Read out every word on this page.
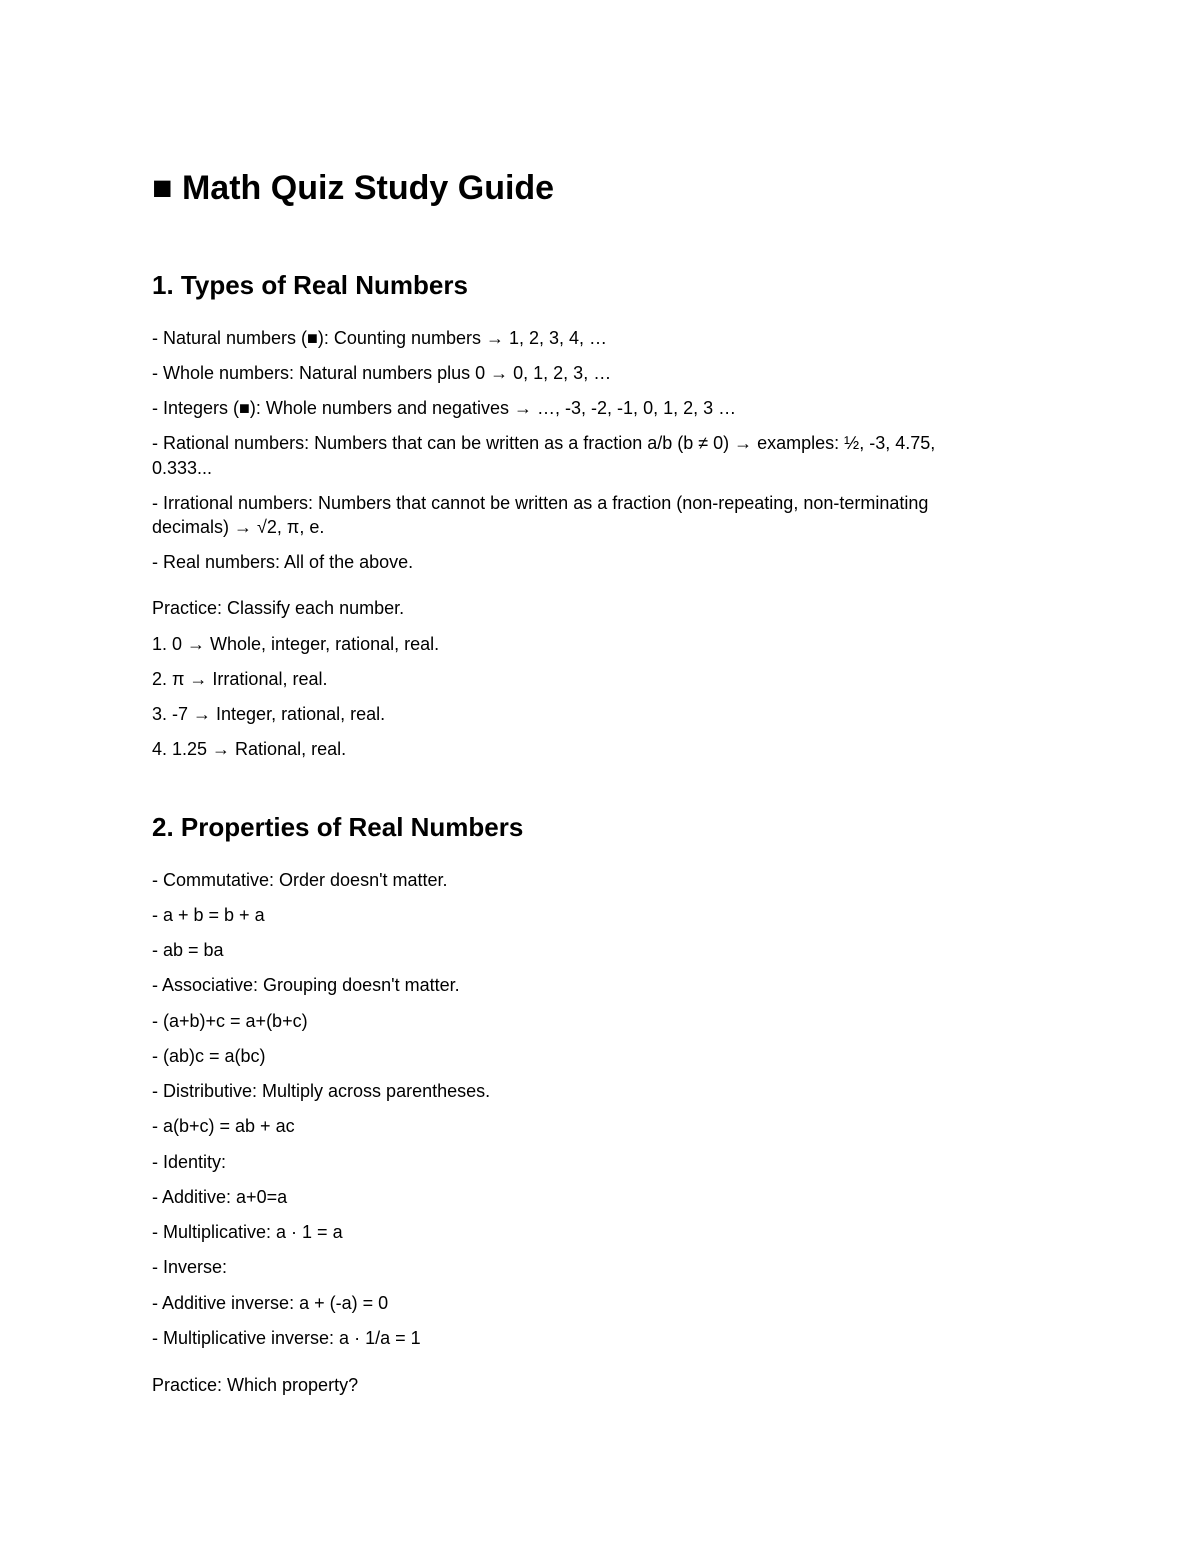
■ Math Quiz Study Guide
1. Types of Real Numbers
- Natural numbers (■): Counting numbers → 1, 2, 3, 4, …
- Whole numbers: Natural numbers plus 0 → 0, 1, 2, 3, …
- Integers (■): Whole numbers and negatives → …, -3, -2, -1, 0, 1, 2, 3 …
- Rational numbers: Numbers that can be written as a fraction a/b (b ≠ 0) → examples: ½, -3, 4.75,
0.333...
- Irrational numbers: Numbers that cannot be written as a fraction (non-repeating, non-terminating
decimals) → √2, π, e.
- Real numbers: All of the above.
Practice: Classify each number.
1. 0 → Whole, integer, rational, real.
2. π → Irrational, real.
3. -7 → Integer, rational, real.
4. 1.25 → Rational, real.
2. Properties of Real Numbers
- Commutative: Order doesn't matter.
- a + b = b + a
- ab = ba
- Associative: Grouping doesn't matter.
- (a+b)+c = a+(b+c)
- (ab)c = a(bc)
- Distributive: Multiply across parentheses.
- a(b+c) = ab + ac
- Identity:
- Additive: a+0=a
- Multiplicative: a · 1 = a
- Inverse:
- Additive inverse: a + (-a) = 0
- Multiplicative inverse: a · 1/a = 1
Practice: Which property?
